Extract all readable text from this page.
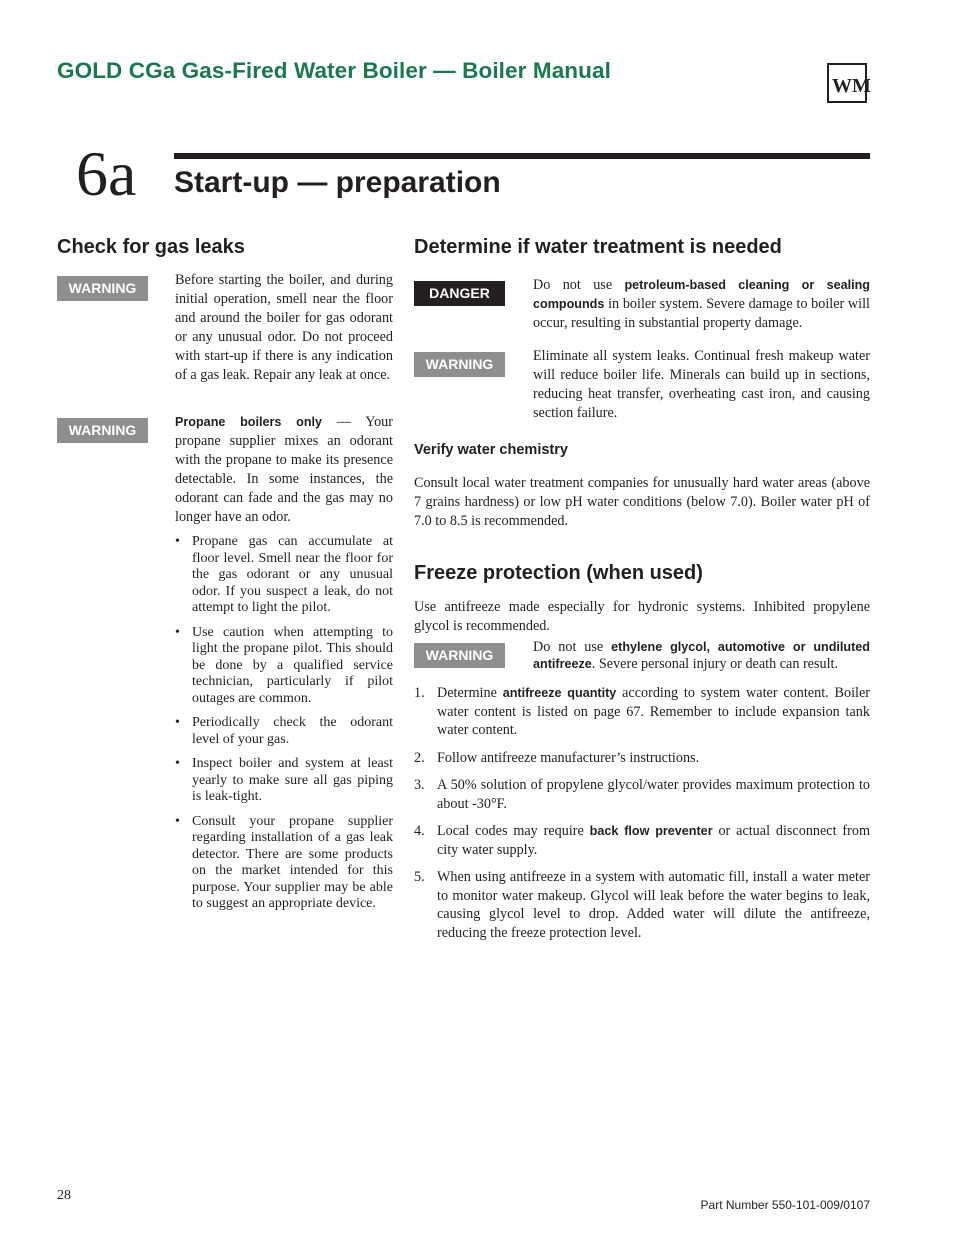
GOLD CGa Gas-Fired Water Boiler — Boiler Manual
WM
6a Start-up — preparation
Check for gas leaks
WARNING	Before starting the boiler, and during initial operation, smell near the floor and around the boiler for gas odorant or any unusual odor. Do not proceed with start-up if there is any indication of a gas leak. Repair any leak at once.

WARNING	Propane boilers only — Your propane supplier mixes an odorant with the propane to make its presence detectable. In some instances, the odorant can fade and the gas may no longer have an odor.

• Propane gas can accumulate at floor level. Smell near the floor for the gas odorant or any unusual odor. If you suspect a leak, do not attempt to light the pilot.
• Use caution when attempting to light the propane pilot. This should be done by a qualified service technician, particularly if pilot outages are common.
• Periodically check the odorant level of your gas.
• Inspect boiler and system at least yearly to make sure all gas piping is leak-tight.
• Consult your propane supplier regarding installation of a gas leak detector. There are some products on the market intended for this purpose. Your supplier may be able to suggest an appropriate device.
Determine if water treatment is needed
DANGER	Do not use petroleum-based cleaning or sealing compounds in boiler system. Severe damage to boiler will occur, resulting in substantial property damage.

WARNING	Eliminate all system leaks. Continual fresh makeup water will reduce boiler life. Minerals can build up in sections, reducing heat transfer, overheating cast iron, and causing section failure.

Verify water chemistry

Consult local water treatment companies for unusually hard water areas (above 7 grains hardness) or low pH water conditions (below 7.0). Boiler water pH of 7.0 to 8.5 is recommended.

Freeze protection (when used)

Use antifreeze made especially for hydronic systems. Inhibited propylene glycol is recommended.

WARNING	Do not use ethylene glycol, automotive or undiluted antifreeze. Severe personal injury or death can result.

1. Determine antifreeze quantity according to system water content. Boiler water content is listed on page 67. Remember to include expansion tank water content.
2. Follow antifreeze manufacturer’s instructions.
3. A 50% solution of propylene glycol/water provides maximum protection to about -30°F.
4. Local codes may require back flow preventer or actual disconnect from city water supply.
5. When using antifreeze in a system with automatic fill, install a water meter to monitor water makeup. Glycol will leak before the water begins to leak, causing glycol level to drop. Added water will dilute the antifreeze, reducing the freeze protection level.
28
Part Number 550-101-009/0107
